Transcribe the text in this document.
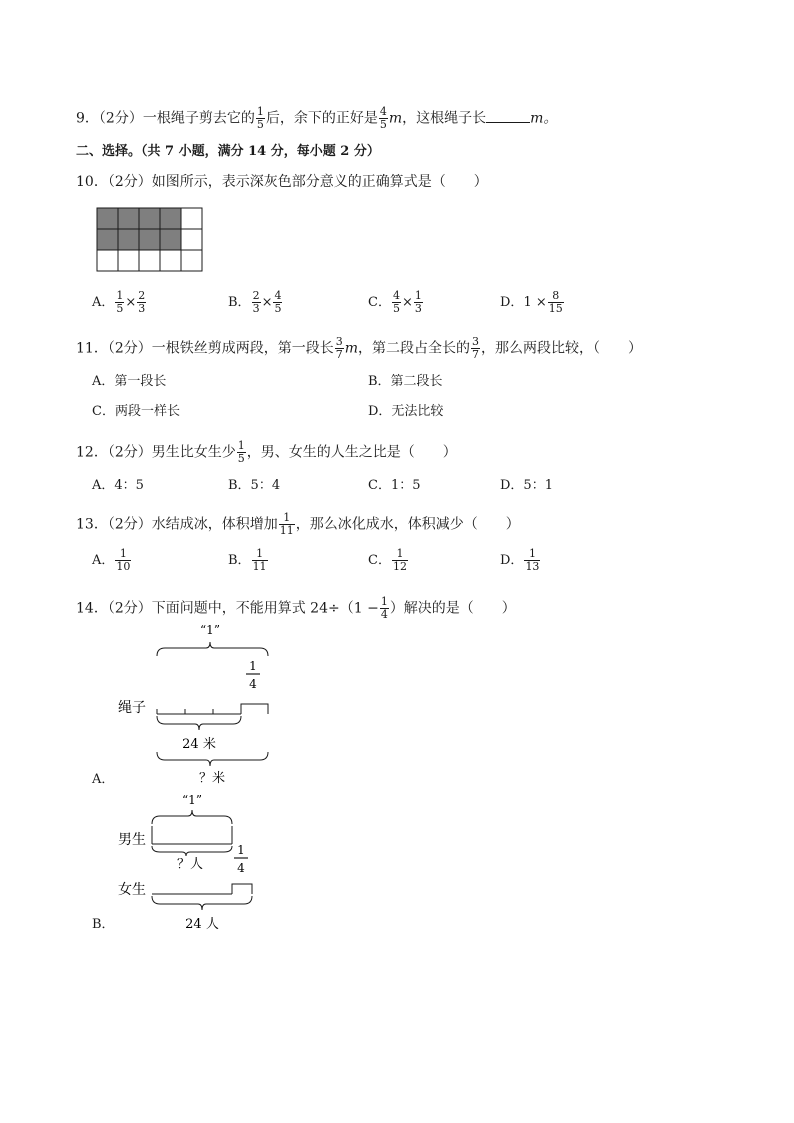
9．（2分）一根绳子剪去它的 $\frac{1}{5}$ 后，余下的正好是 $\frac{4}{5}$ m，这根绳子长	m。
二、选择。（共 7 小题，满分 14 分，每小题 2 分）
10．（2分）如图所示，表示深灰色部分意义的正确算式是（　　）
A． $\frac{1}{5} \times \frac{2}{3}$	B． $\frac{2}{3} \times \frac{4}{5}$	C． $\frac{4}{5} \times \frac{1}{3}$	D．$1 \times \frac{8}{15}$
11．（2分）一根铁丝剪成两段，第一段长 $\frac{3}{7}$ m，第二段占全长的 $\frac{3}{7}$ ，那么两段比较，（　　）
A．第一段长	B．第二段长
C．两段一样长	D．无法比较
12．（2分）男生比女生少 $\frac{1}{5}$ ，男、女生的人生之比是（　　）
A．4：5	B．5：4	C．1：5	D．5：1
13．（2分）水结成冰，体积增加 $\frac{1}{11}$ ，那么冰化成水，体积减少（　　）
A． $\frac{1}{10}$	B． $\frac{1}{11}$	C． $\frac{1}{12}$	D． $\frac{1}{13}$
14．（2分）下面问题中，不能用算式 $24\div(1 - \frac{1}{4}$ ）解决的是（　　）
“1”
1
4
绳子
24 米
？米
A．
“1”
男生
？人
1
4
女生
24 人
B．
